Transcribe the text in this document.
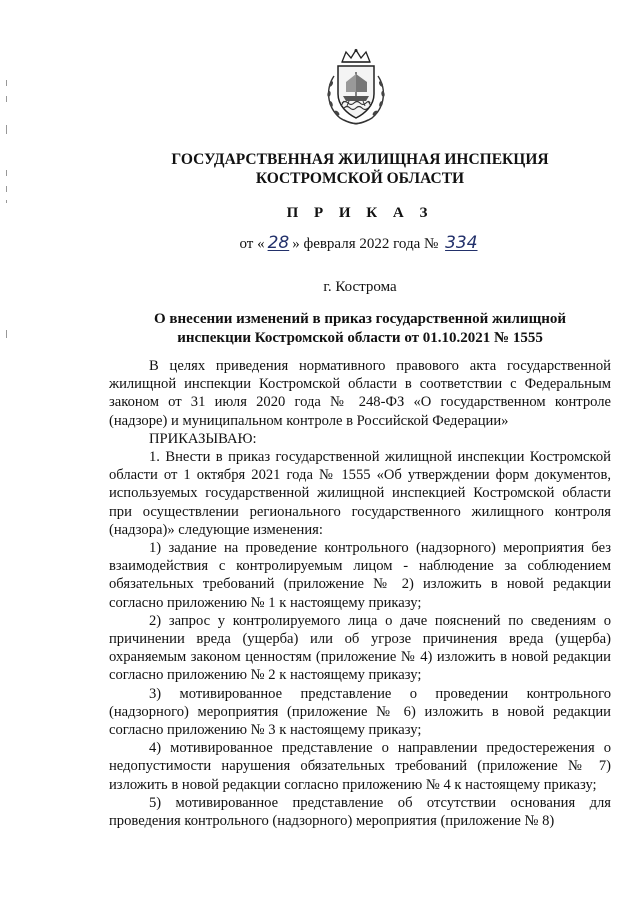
ГОСУДАРСТВЕННАЯ ЖИЛИЩНАЯ ИНСПЕКЦИЯ
КОСТРОМСКОЙ ОБЛАСТИ
П Р И К А З
от « 28 » февраля 2022 года № 334
г. Кострома
О внесении изменений в приказ государственной жилищной
инспекции Костромской области от 01.10.2021 № 1555

В целях приведения нормативного правового акта государственной жилищной инспекции Костромской области в соответствии с Федеральным законом от 31 июля 2020 года № 248-ФЗ «О государственном контроле (надзоре) и муниципальном контроле в Российской Федерации»

ПРИКАЗЫВАЮ:

1. Внести в приказ государственной жилищной инспекции Костромской области от 1 октября 2021 года № 1555 «Об утверждении форм документов, используемых государственной жилищной инспекцией Костромской области при осуществлении регионального государственного жилищного контроля (надзора)» следующие изменения:

1) задание на проведение контрольного (надзорного) мероприятия без взаимодействия с контролируемым лицом - наблюдение за соблюдением обязательных требований (приложение № 2) изложить в новой редакции согласно приложению № 1 к настоящему приказу;

2) запрос у контролируемого лица о даче пояснений по сведениям о причинении вреда (ущерба) или об угрозе причинения вреда (ущерба) охраняемым законом ценностям (приложение № 4) изложить в новой редакции согласно приложению № 2 к настоящему приказу;

3) мотивированное представление о проведении контрольного (надзорного) мероприятия (приложение № 6) изложить в новой редакции согласно приложению № 3 к настоящему приказу;

4) мотивированное представление о направлении предостережения о недопустимости нарушения обязательных требований (приложение № 7) изложить в новой редакции согласно приложению № 4 к настоящему приказу;

5) мотивированное представление об отсутствии основания для проведения контрольного (надзорного) мероприятия (приложение № 8)
